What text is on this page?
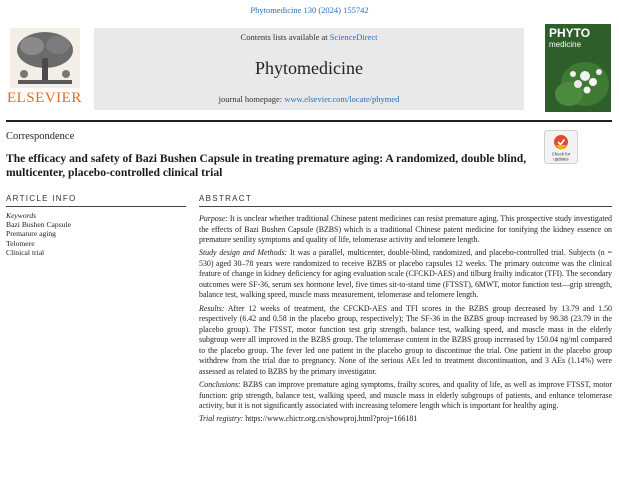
Phytomedicine 130 (2024) 155742
ELSEVIER
Contents lists available at ScienceDirect
Phytomedicine
journal homepage: www.elsevier.com/locate/phymed
PHYTO
medicine
Correspondence
Check for
updates
The efficacy and safety of Bazi Bushen Capsule in treating premature aging: A randomized, double blind, multicenter, placebo-controlled clinical trial
ARTICLE INFO	ABSTRACT
Keywords
Bazi Bushen Capsule
Premature aging
Telomere
Clinical trial

Purpose: It is unclear whether traditional Chinese patent medicines can resist premature aging. This prospective study investigated the effects of Bazi Bushen Capsule (BZBS) which is a traditional Chinese patent medicine for tonifying the kidney essence on premature senility symptoms and quality of life, telomerase activity and telomere length.

Study design and Methods: It was a parallel, multicenter, double-blind, randomized, and placebo-controlled trial. Subjects (n = 530) aged 30–78 years were randomized to receive BZBS or placebo capsules 12 weeks. The primary outcome was the clinical feature of change in kidney deficiency for aging evaluation scale (CFCKD-AES) and tilburg frailty indicator (TFI). The secondary outcomes were SF-36, serum sex hormone level, five times sit-to-stand time (FTSST), 6MWT, motor function test—grip strength, balance test, walking speed, muscle mass measurement, telomerase and telomere length.

Results: After 12 weeks of treatment, the CFCKD-AES and TFI scores in the BZBS group decreased by 13.79 and 1.50 respectively (6.42 and 0.58 in the placebo group, respectively); The SF-36 in the BZBS group increased by 98.38 (23.79 in the placebo group). The FTSST, motor function test grip strength, balance test, walking speed, and muscle mass in the elderly subgroup were all improved in the BZBS group. The telomerase content in the BZBS group increased by 150.04 ng/ml compared to the placebo group. The fever led one patient in the placebo group to discontinue the trial. One patient in the placebo group withdrew from the trial due to pregnancy. None of the serious AEs led to treatment discontinuation, and 3 AEs (1.14%) were assessed as related to BZBS by the primary investigator.

Conclusions: BZBS can improve premature aging symptoms, frailty scores, and quality of life, as well as improve FTSST, motor function: grip strength, balance test, walking speed, and muscle mass in elderly subgroups of patients, and enhance telomerase activity, but it is not significantly associated with increasing telomere length which is important for healthy aging.

Trial registry: https://www.chictr.org.cn/showproj.html?proj=166181
